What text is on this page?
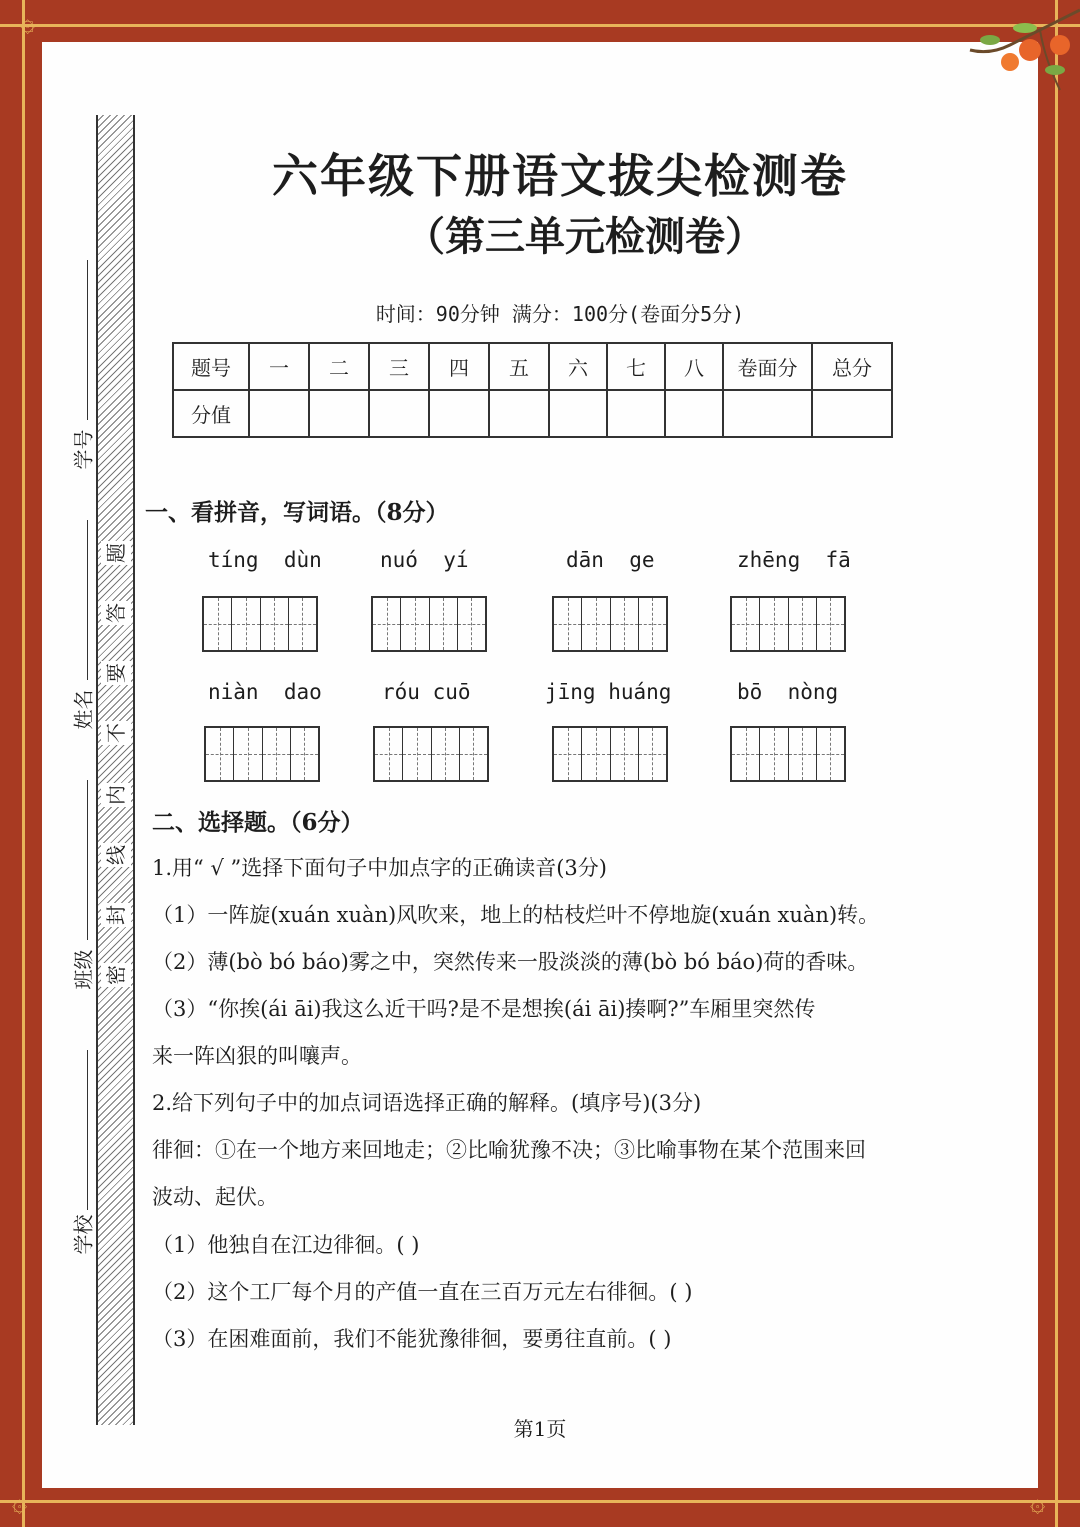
۞
۞	۞
题
答
要
不
内
线
封
密
学号
姓名
班级
学校
六年级下册语文拔尖检测卷
（第三单元检测卷）
时间：90分钟 满分：100分(卷面分5分)
题号	一	二	三	四	五	六	七	八	卷面分	总分
分值										
一、看拼音，写词语。（8分）
tíng  dùn	nuó  yí	dān  ge	zhēng  fā
niàn  dao	róu cuō	jīng huáng	bō  nòng
二、选择题。（6分）
1.用“ √ ”选择下面句子中加点字的正确读音(3分)
（1）一阵旋(xuán xuàn)风吹来，地上的枯枝烂叶不停地旋(xuán xuàn)转。
（2）薄(bò bó báo)雾之中，突然传来一股淡淡的薄(bò bó báo)荷的香味。
（3）“你挨(ái āi)我这么近干吗?是不是想挨(ái āi)揍啊?”车厢里突然传
来一阵凶狠的叫嚷声。
2.给下列句子中的加点词语选择正确的解释。(填序号)(3分)
徘徊：①在一个地方来回地走；②比喻犹豫不决；③比喻事物在某个范围来回
波动、起伏。
（1）他独自在江边徘徊。( )
（2）这个工厂每个月的产值一直在三百万元左右徘徊。( )
（3）在困难面前，我们不能犹豫徘徊，要勇往直前。( )
第1页
